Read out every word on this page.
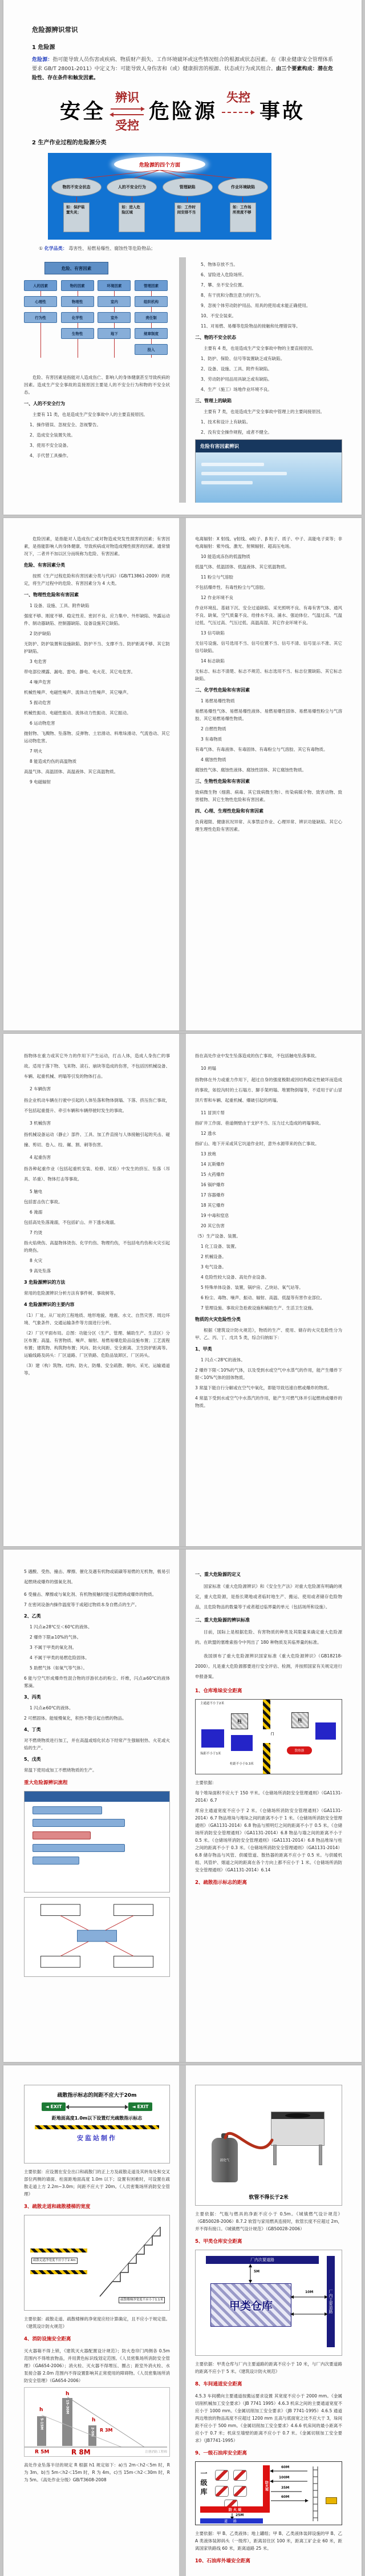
危险源辨识常识
1 危险源
危险源：指可能导致人员伤害或疾病、物质财产损失、工作环境破坏或这些情况组合的根源或状态因素。在《职业健康安全管理体系要求 GB/T 28001-2011》中定义为：可能导致人身伤害和（或）健康损害的根源、状态或行为或其组合。由三个要素构成：潜在危险性、存在条件和触发因素。
安全
辨识
受控
危险源
失控
事故
2 生产作业过程的危险源分类
危险源的四个方面
物的不安全状态
如：保护装置失灵；
人的不安全行为
如：进入危险区域
管理缺陷
如：工作时间安排不当
作业环境缺陷
如：工作场所亮度不够
① 化学品类： 毒害性、易燃易爆性、腐蚀性等危险物品；
危险、有害因素
人的因素
心理性
行为性
物的因素
物理性
化学性
生物性
环境因素
室内
室外
地下
管理因素
组织机构
责任制
规章制度
投入
危险、有害因素是指能对人造成伤亡、影响人的身体健康甚至导致疾病的因素。造成生产安全事故的直接原因主要是人的不安全行为和物的不安全状态。
一、人的不安全行为
主要有 11 类，也是造成生产安全事故中人的主要直接原因。
1、操作错误、忽视安全、忽视警告。
2、造成安全装置失效。
3、使用不安全设备。
4、手代替工具操作。
5、物体存放不当。
6、冒险进入危险场所。
7、攀、坐不安全位置。
8、有干扰和分散注意力的行为。
9、忽视个体劳动防护用品、用具的使用或未能正确使用。
10、不安全装束。
11、对易燃、易爆等危险物品的接触和处理错误等。
二、物的不安全状态
主要有 4 类，也是造成生产安全事故中物的主要直接原因。
1、防护、保险、信号等装置缺乏或有缺陷。
2、设备、设施、工具、附件有缺陷。
3、劳动防护用品用具缺乏或有缺陷。
4、生产（施工）场地作业环境不良。
三、管理上的缺陷
主要有 7 类，也是造成生产安全事故中管理上的主要间接原因。
1、技术和设计上有缺陷。
2、没有安全操作规程，或者不健全。
危险有害因素辨识
危险因素，是指能对人造成伤亡或对物造成突发性损害的因素；有害因素，是指能影响人的身体健康、导致疾病或对物造成慢性损害的因素。通常情况下，二者并不加以区分而统称为危险、有害因素。
危险、有害因素分类
按照《生产过程危险和有害因素分类与代码》（GB/T13861-2009）的规定，将生产过程中的危险、有害因素分为 4 大类。
一、物理性危险和有害因素
1 设备、设施、工具、附件缺陷
强度不够、刚度不够、稳定性差、密封不良、应力集中、外形缺陷、外露运动件、制动器缺陷、控制器缺陷、设备设施其它缺陷。
2 防护缺陷
无防护、防护装置和设施缺陷、防护不当、支撑不当、防护距离不够、其它防护缺陷。
3 电危害
带电部位裸露、漏电、雷电、静电、电火花、其它电危害。
4 噪声危害
机械性噪声、电磁性噪声、流体动力性噪声、其它噪声。
5 振动危害
机械性振动、电磁性振动、流体动力性振动、其它振动。
6 运动物危害
抛射物、飞溅物、坠落物、反弹物、土岩滑动、料堆垛滑动、气流卷动、其它运动物危害。
7 明火
8 能造成灼伤的高温物质
高温气体、高温固体、高温液体、其它高温物质。
9 电磁辐射
电离辐射：X 射线、γ射线、α粒子、β 粒子、质子、中子、高能电子束等；非电离辐射：紫外线、激光、射频辐射、超高压电场。
10 能造成冻伤的低温物质
低温气体、低温固体、低温液体、其它低温物质。
11 粉尘与气溶胶
不包括爆炸性、有毒性粉尘与气溶胶。
12 作业环境不良
作业环境乱、基础下沉、安全过道缺陷、采光照明不良、有毒有害气体、通风不良、缺氧、空气质量不良、给排水不良、涌水、强迫体位、气温过高、气温过低、气压过高、气压过低、高温高湿、其它作业环境不良。
13 信号缺陷
无信号设施、信号选用不当、信号位置不当、信号不清、信号显示不准、其它信号缺陷。
14 标志缺陷
无标志、标志不清楚、标志不规范、标志选用不当、标志位置缺陷、其它标志缺陷。
二、化学性危险和有害因素
1 易燃易爆性物质
易燃易爆性气体、易燃易爆性液体、易燃易爆性固体、易燃易爆性粉尘与气溶胶、其它易燃易爆性物质。
2 自燃性物质
3 有毒物质
有毒气体、有毒液体、有毒固体、有毒粉尘与气溶胶、其它有毒物质。
4 腐蚀性物质
腐蚀性气体、腐蚀性液体、腐蚀性固体、其它腐蚀性物质。
三、生物性危险和有害因素
致病微生物（细菌、病毒、其它致病微生物）、传染病媒介物、致害动物、致害植物、其它生物性危险和有害因素。
四、心理、生理性危险和有害因素
负荷超限、健康状况异常、从事禁忌作业、心理异常、辨识功能缺陷、其它心理生理性危险有害因素。
指物体在重力或其它外力的作用下产生运动，打击人体，造成人身伤亡的事故。适用于落下物、飞来物、滚石、崩块等造成的伤害，不包括因机械设备、车辆、起重机械、坍塌等引发的物体打击。
2 车辆伤害
指企业机动车辆在行驶中引起的人体坠落和物体倒塌、下落、挤压伤亡事故，不包括起重提升、牵引车辆和车辆停驶时发生的事故。
3 机械伤害
指机械设备运动（静止）部件、工具、加工件直接与人体接触引起的夹击、碰撞、剪切、卷入、绞、碾、割、刺等伤害。
4 起重伤害
指各种起重作业（包括起重机安装、检修、试验）中发生的挤压、坠落（吊具、吊重）、物体打击等事故。
5 触电
包括雷击伤亡事故。
6 淹溺
包括高处坠落淹溺，不包括矿山、井下透水淹溺。
7 灼烫
指火焰烧伤、高温物体烫伤、化学灼伤、物理灼伤，不包括电灼伤和火灾引起的烧伤。
8 火灾
9 高处坠落
3 危险源辨识的方法
常用的危险源辨识分析方法有事件树、事故树等。
4 危险源辨识的主要内容
（1）厂址。从厂址的工程地质、地形地貌、地震、水文、自然灾害、周边环境、气象条件、交通运输条件等方面进行分析。
（2）厂区平面布局。总图：功能分区（生产、管理、辅助生产、生活区）分区布置；高温、有害物质、噪声、辐射、易燃易爆危险品设施布置；工艺流程布置；建筑物、构筑物布置；风向、防火间距、安全距离、卫生防护距离等。运输线路及码头：厂区道路、厂区铁路、危险品装卸区、厂区码头。
（3）建（构）筑物。结构、防火、防爆、安全疏散、朝向、采光、运输通道等。
指在高处作业中发生坠落造成的伤亡事故，不包括触电坠落事故。
10 坍塌
指物体在外力或重力作用下，超过自身的强度极限或因结构稳定性破坏而造成的事故，如挖沟时的土石塌方、脚手架坍塌、堆置物倒塌等，不适用于矿山冒顶片帮和车辆、起重机械、爆破引起的坍塌。
11 冒顶片帮
指矿井工作面、巷道侧壁由于支护不当、压力过大造成的坍塌事故。
12 透水
指矿山、地下开采或其它坑道作业时，意外水源带来的伤亡事故。
13 放炮
14 瓦斯爆炸
15 火药爆炸
16 锅炉爆炸
17 容器爆炸
18 其它爆炸
19 中毒和窒息
20 其它伤害
（5）生产设备、装置。
1 化工设备、装置。
2 机械设备。
3 电气设备。
4 危险性较大设备、高处作业设备。
5 特殊单体设备、装置，锅炉房、乙炔站、氧气站等。
6 粉尘、毒物、噪声、振动、辐射、高温、低温等有害作业部位。
7 管理设施、事故应急抢救设施和辅助生产、生活卫生设施。
物质的火灾危险性分类
根据《建筑设计防火规范》，物质的生产、使用、储存的火灾危险性分为甲、乙、丙、丁、戊共 5 类，综合归纳如下：
1、甲类
1 闪点＜28℃的液体。
2 爆炸下限＜10%的气体，以及受到水或空气中水蒸气的作用，能产生爆炸下限＜10%气体的固体物质。
3 常温下能自行分解或在空气中氧化，即能导致迅速自燃或爆炸的物质。
4 常温下受到水或空气中水蒸汽的作用，能产生可燃气体并引起燃烧或爆炸的物质。
5 遇酸、受热、撞击、摩擦、催化及遇有机物或硫磺等易燃的无机物，极易引起燃烧或爆炸的强氧化剂。
6 受撞击、摩擦或与氧化剂、有机物接触时能引起燃烧或爆炸的物质。
7 在密闭设备内操作温度等于或超过物质本身自燃点的生产。
2、乙类
1 闪点≥28℃至＜60℃的液体。
2 爆炸下限≥10%的气体。
3 不属于甲类的氧化剂。
4 不属于甲类的易燃危险固体。
5 助燃气体（如氧气等气体）。
6 能与空气形成爆炸性混合物的浮游状态的粉尘、纤维，闪点≥60℃的液体雾滴。
3、丙类
1 闪点≥60℃的液体。
2 可燃固体。能缓慢氧化，积热不散引起自燃的物品。
4、丁类
对不燃烧物质进行加工，并在高温或熔化状态下经常产生强辐射热、火花或火焰的生产。
5、戊类
常温下使用或加工不燃烧物质的生产。
重大危险源辨识流程
一、重大危险源的定义
国家标准《重大危险源辨识》和《安全生产法》对重大危险源有明确的规定，重大危险源，是指长期地或者临时地生产、搬运、使用或者储存危险物品，且危险物品的数量等于或者超过临界量的单元（包括场所和设施）。
二、重大危险源的辨识标准
目前，国际上是根据危险、有害物质的种类及其限量来确定重大危险源的。在欧盟的塞维索指令中列出了 180 种物质及其临界量的标准。
我国颁布了重大危险源辨识国家标准《重大危险源辨识》（GB18218-2000）。凡是重大危险源都要进行安全评估、检测，并按照国家有关规定进行申报备案。
1、仓库堆垛安全距离
主通道不小于2米
柱
垛距不小于1米
柱距不小于0.3米
门
柱
散热器
主要依据：
每个堆垛面积不应大于 150 平米。《仓储场所消防安全管理通则》（GA1131-2014）6.7
库房主通道宽度不应小于 2 米。《仓储场所消防安全管理通则》（GA1131-2014）6.7 物品堆垛与堆垛之间的距离不小于 1 米。《仓储场所消防安全管理通则》（GA1131-2014）6.8 物品与照明灯之间的距离不小于 0.5 米。《仓储场所消防安全管理通则》（GA1131-2014）6.8 物品与墙之间的距离不小于 0.5 米。《仓储场所消防安全管理通则》（GA1131-2014）6.8 物品堆垛与柱之间的距离不小于 0.3 米。《仓储场所消防安全管理通则》（GA1131-2014）6.8 储存物品与风管、供暖管道、散热器的距离不应小于 0.5 米。与供暖机组、风管炉、烟道之间的距离在各个方向上都不应小于 1 米。《仓储场所消防安全管理通则》（GA1131-2014）6.14
2、疏散指示标志的距离
疏散指示标志的间距不应大于20m
◄
EXIT	◄
EXIT
距地面高度1.0m以下设置灯光疏散指示标志
安监站制作
主要依据：应设置在安全出口和疏散门的正上方及疏散走道及其转角处和交叉部位两侧的墙面、柱面距地面高度 1.0m 以下；设置有困难时，可设置在疏散走道上方 2.2m~3.0m；间距不应大于 20m。《人员密集场所消防安全管理》
3、疏散走道和疏散楼梯的宽度
疏散走道净宽度不应小于2.4m
疏散楼梯净宽度不应小于1.1米
主要依据：疏散走道、疏散楼梯的净宽度应经计算确定，且不应小于规定值。《建筑设计防火规范》
4、消防设施安全距离
灭火器箱不得上锁，《建筑灭火器配置设计规范》；防火卷帘门两侧各 0.5m 范围内不得堆放物品，并用黄色标识线划定范围。《人员密集场所消防安全管理》（GA654-2006）；消火栓、灭火器不得埋压、圈占；距室外消火栓、水泵接合器 2.0m 范围内不得设置影响其正常使用的障碍物。《人员密集场所消防安全管理》（GA654-2006）
h
5-15M
h
15-30M
h
2-5M
R 5M	R 8M
R 3M
注册消防工程师
高处作业坠落半径的规定 R 根据 h1 规定如下：a)当 2m＜h2＜5m 时，R 为 3m。b)当 5m＜h2＜15m 时，R 为 4m。c)当 15m＜h2＜30m 时，R 为 5m。《高处作业分级》GB/T3608-2008
液化气
软管不得长于2米
主要依据：气瓶与燃具的净距不应小于 0.5m。《城镇燃气设计规范》（GB50028-2006）8.7.2 软管与家用燃具连接时，软管长度不应超过 2m，并不得有接口。《城镇燃气设计规范》（GB50028-2006）
5、甲类仓库安全距离
厂内次要道路
厂内主要道路
甲类仓库
5M
10M
主要依据：甲类仓库与厂内主要道路的距离不应小于 10 米，与厂内次要道路的距离不应小于 5 米。《建筑设计防火规范》
8、车间通道安全距离
4.5.3 车间横向主要通道按搬运要求设置 其宽度不应小于 2000 mm。《金属切削机械加工安全要求》（JB 7741 1995）4.6.3 机床之间的主要通道宽度不应小于 1000 mm。《金属切削加工安全要求》（JB 7741-1995）4.6.5 通道两边堆放的物品高度不应超过 1200 mm 且高与底面宽之比不应大于 3，垛间距不应小于 500 mm。《金属切削加工安全要求》4.6.6 机床间的最小距离不应小于 0.7 米；机床至墙壁的距离不应小于 0.7 米。《金属切削加工安全要求》（JB7741-1995）
9、一级石油库安全距离
一级库	防火堤
防 火 堤
60M
100M
35M
60M
25M
道 路
主要依据：甲 B、乙类液体；地上罐组；甲 B、乙类液体装卸设施的甲 B、乙 A 类液体装卸码头（一级库），距离居住区 100 米，距离工矿企业 60 米，距离国家铁路线 60 米，距离道路 25 米。
10、石油库外墙安全距离
